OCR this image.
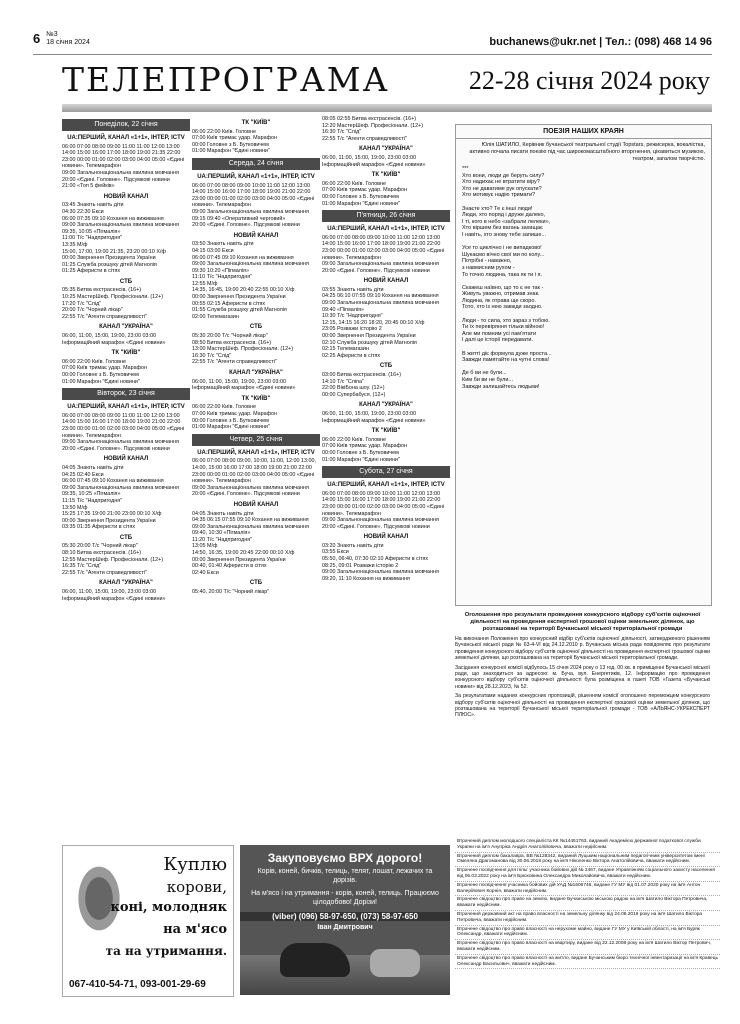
6 №3
18 січня 2024	buchanews@ukr.net | Тел.: (098) 468 14 96
ТЕЛЕПРОГРАМА	22-28 січня 2024 року
Понеділок, 22 січня
UA:ПЕРШИЙ, КАНАЛ «1+1», ІНТЕР, ICTV
06:00 07:00 08:00 09:00 11:00 11:00 12:00 13:00 14:00 15:00 16:00 17:00 18:00 19:00 21:35 22:00 23:00 00:00 01:00 02:00 03:00 04:00 05:00 «Єдині новини». Телемарафон
09:00 Загальнонаціональна хвилина мовчання
20:00 «Єдині. Головне». Підсумкові новини
21:00 «Топ 5 фейків»
НОВИЙ КАНАЛ
03:45 Знають навіть діти
04:30 22:30 Екси
06:00 07:35 09:10 Кохання на виживання
09:00 Загальнонаціональна хвилина мовчання
09:35, 10:05 «Пігмалія»
11:00 Т/с "Надпригодня"
13:35 М/ф
15:00, 17:00, 19:00 21:35, 23:20 00:10 Х/ф
00:00 Звернення Президента України
01:25 Служба розшуку дітей Магнолія
01:25 Аферисти в сітях
СТБ
05:35 Битва екстрасенсів. (16+)
10:25 МастерШеф. Професіонали. (12+)
17:20 Т/с "Слід"
20:00 Т/с "Чорний лікар"
22:55 Т/с "Агенти справедливості"
КАНАЛ "УКРАЇНА"
06:00, 11:00, 15:00, 19:00, 23:00 03:00 Інформаційний марафон «Єдині новини»
ТК "КИЇВ"
06:00 22:00 Київ. Головне
07:00 Київ тримає удар. Марафон
00:00 Головне з Б. Бутковичем
01:00 Марафон "Єдині новини"
Вівторок, 23 січня
UA:ПЕРШИЙ, КАНАЛ «1+1», ІНТЕР, ICTV
06:00 07:00 08:00 09:00 11:00 11:00 12:00 13:00 14:00 15:00 16:00 17:00 18:00 19:00 21:00 22:00 23:00 00:00 01:00 02:00 03:00 04:00 05:00 «Єдині новини». Телемарафон
09:00 Загальнонаціональна хвилина мовчання
20:00 «Єдині. Головне». Підсумкові новини
НОВИЙ КАНАЛ
04:05 Знають навіть діти
04:25 02:40 Екси
06:00 07:45 09:10 Кохання на виживання
09:00 Загальнонаціональна хвилина мовчання
09:35, 10:25 «Пігмалія»
11:15 Т/с "Надпригодня"
13:50 М/ф
15:25 17:35 19:00 21:00 23:00 00:10 Х/ф
00:00 Звернення Президента України
03:35 01:35 Аферисти в сітях
СТБ
05:30 20:00 Т/с "Чорний лікар"
08:10 Битва екстрасенсів. (16+)
12:55 МастерШеф. Професіонали. (12+)
16:35 Т/с "Слід"
22:55 Т/с "Агенти справедливості"
КАНАЛ "УКРАЇНА"
06:00, 11:00, 15:00, 19:00, 23:00 03:00 Інформаційний марафон «Єдині новини»
ТК "КИЇВ"
06:00 22:00 Київ. Головне
07:00 Київ тримає удар. Марафон
00:00 Головне з Б. Бутковичем
01:00 Марафон "Єдині новини"
Середа, 24 січня
UA:ПЕРШИЙ, КАНАЛ «1+1», ІНТЕР, ICTV
06:00 07:00 08:00 09:00 10:00 11:00 12:00 13:00 14:00 15:00 16:00 17:00 18:00 19:00 21:00 22:00 23:00 00:00 01:00 02:00 03:00 04:00 05:00 «Єдині новини». Телемарафон
09:00 Загальнонаціональна хвилина мовчання
09:15 09:40 «Оперативний черговий»
20:00 «Єдині. Головне». Підсумкові новини
НОВИЙ КАНАЛ
03:50 Знають навіть діти
04:15 03:00 Екси
06:00 07:45 09:10 Кохання на виживання
09:00 Загальнонаціональна хвилина мовчання
09:30 10:20 «Пігмалія»
11:10 Т/с "Надпригодня"
12:55 М/ф
14:35, 16:45, 19:00 20:40 22:55 00:10 Х/ф
00:00 Звернення Президента України
00:55 02:15 Аферисти в сітях
01:55 Служба розшуку дітей Магнолія
02:00 Телемагазин
СТБ
05:30 20:00 Т/с "Чорний лікар"
08:50 Битва екстрасенсів. (16+)
13:00 МастерШеф. Професіонали. (12+)
16:30 Т/с "Слід"
22:55 Т/с "Агенти справедливості"
КАНАЛ "УКРАЇНА"
06:00, 11:00, 15:00, 19:00, 23:00 03:00 Інформаційний марафон «Єдині новини»
ТК "КИЇВ"
06:00 22:00 Київ. Головне
07:00 Київ тримає удар. Марафон
00:00 Головне з Б. Бутковичем
01:00 Марафон "Єдині новини"
Четвер, 25 січня
UA:ПЕРШИЙ, КАНАЛ «1+1», ІНТЕР, ICTV
06:00 07:00 08:00 09:00, 10:00, 11:00, 12:00 13:00, 14:00, 15:00 16:00 17:00 18:00 19:00 21:00 22:00 23:00 00:00 01:00 02:00 03:00 04:00 05:00 «Єдині новини». Телемарафон
09:00 Загальнонаціональна хвилина мовчання
20:00 «Єдині. Головне». Підсумкові новини
НОВИЙ КАНАЛ
04:05 Знають навіть діти
04:35 06:15 07:55 09:10 Кохання на виживання
09:00 Загальнонаціональна хвилина мовчання
09:40, 10:30 «Пігмалія»
11:20 Т/с "Надпригодня"
13:05 М/ф
14:50, 16:35, 19:00 20:45 22:00 00:10 Х/ф
00:00 Звернення Президента України
00:40, 01:40 Аферисти в сітях
02:40 Екси
СТБ
05:40, 20:00 Т/с "Чорний лікар"
08:05 02:55 Битва екстрасенсів. (16+)
12:20 МастерШеф. Професіонали. (12+)
16:30 Т/с "Слід"
22:55 Т/с "Агенти справедливості"
КАНАЛ "УКРАЇНА"
06:00, 11:00, 15:00, 19:00, 23:00 03:00 Інформаційний марафон «Єдині новини»
ТК "КИЇВ"
06:00 22:00 Київ. Головне
07:00 Київ тримає удар. Марафон
00:00 Головне з Б. Бутковичем
01:00 Марафон "Єдині новини"
П'ятниця, 26 січня
UA:ПЕРШИЙ, КАНАЛ «1+1», ІНТЕР, ICTV
06:00 07:00 08:00 09:00 10:00 11:00 12:00 13:00 14:00 15:00 16:00 17:00 18:00 19:00 21:00 22:00 23:00 00:00 01:00 02:00 03:00 04:00 05:00 «Єдині новини». Телемарафон
09:00 Загальнонаціональна хвилина мовчання
20:00 «Єдині. Головне». Підсумкові новини
НОВИЙ КАНАЛ
03:55 Знають навіть діти
04:25 06:10 07:55 09:10 Кохання на виживання
09:00 Загальнонаціональна хвилина мовчання
09:40 «Пігмалія»
10:30 Т/с "Надпригодня"
12:15, 14:15 16:20 18:20, 20:45 00:10 Х/ф
23:05 Розважи історію 2
00:00 Звернення Президента України
02:10 Служба розшуку дітей Магнолія
02:15 Телемагазин
02:25 Аферисти в сітях
СТБ
03:00 Битва екстрасенсів. (16+)
14:10 Т/с "Сліпа"
22:00 ВікіБона шоу. (12+)
00:00 Супербабуся. (12+)
КАНАЛ "УКРАЇНА"
06:00, 11:00, 15:00, 19:00, 23:00 03:00 Інформаційний марафон «Єдині новини»
ТК "КИЇВ"
06:00 22:00 Київ. Головне
07:00 Київ тримає удар. Марафон
00:00 Головне з Б. Бутковичем
01:00 Марафон "Єдині новини"
Субота, 27 січня
UA:ПЕРШИЙ, КАНАЛ «1+1», ІНТЕР, ICTV
06:00 07:00 08:00 09:00 10:00 11:00 12:00 13:00 14:00 15:00 16:00 17:00 18:00 19:00 21:00 22:00 23:00 00:00 01:00 02:00 03:00 04:00 05:00 «Єдині новини». Телемарафон
09:00 Загальнонаціональна хвилина мовчання
20:00 «Єдині. Головне». Підсумкові новини
НОВИЙ КАНАЛ
03:20 Знають навіть діти
03:55 Екси
05:50, 06:40, 07:30 02:10 Аферисти в сітях
08:25, 09:01 Розважи історію 2
09:00 Загальнонаціональна хвилина мовчання
09:20, 11:10 Кохання на виживання
ПОЕЗІЯ НАШИХ КРАЯН
Юлія ШАТИЛО, Керівник бучанської театральної студії Topstars, режисерка, вокалістка, активно почала писати поезію під час широкомасштабного вторгнення, цікавиться музикою, театром, загалом творчістю.
***
Хто вони, люди де беруть силу?
Хто надихає не втратити віру?
Хто не даватиме рук опускати?
Хто мотивує надію тримати?

Знаєте хто? Те є інші люди!
Люди, хто поряд і друже далеко,
І ті, кого в небо «забрали лелеки»,
Хто віршем без вагань захищає
І навіть, хто знову тебе запише...

Усе то циклічно і не випадково!
Шукаємо вічно свої ми по колу...
Потрібні - наважно,
з навмисним рухом -
То точно людина, така як ти і я.

Скажеш наївно, що то є не так -
Живуть уважно, отримав знак.
Людина, як отрава ще скоро.
Тото, хто із нею завжди заодно.

Люди - то сила, хто зараз з тобою.
Ти їх перевіряння тільки війною!
Але ми помним усі пам'ятати
І далі це історії передавати.

В житті діє формула дуже проста...
Завжди памятайте на чутні слова!

Де б ви не були...
Ким би ви не були...
Завжди залишайтесь людьми!
Оголошення про результати проведення конкурсного відбору суб'єктів оціночної діяльності на проведення експертної грошової оцінки земельних ділянок, що розташовані на території Бучанської міської територіальної громади
На виконання Положення про конкурсний відбір суб'єктів оціночної діяльності, затвердженого рішенням Бучанської міської ради № 63-4-VІ від 24.12.2010 р. Бучанська міська рада повідомляє про результати проведення конкурсного відбору суб'єктів оціночної діяльності на проведення експертної грошової оцінки земельної ділянки, що розташована на території Бучанської міської територіальної громади.
Засідання конкурсної комісії відбулось 15 січня 2024 року о 13 год. 00 хв. в приміщенні Бучанської міської ради, що знаходиться за адресою: м. Буча, вул. Енергетиків, 12. Інформацію про проведення конкурсного відбору суб'єктів оціночної діяльності була розміщена в газеті ТОВ «Газета «Бучанські новини» від 28.12.2023, № 52.
За результатами наданих конкурсних пропозицій, рішенням комісії оголошено переможцем конкурсного відбору суб'єктів оціночної діяльності на проведення експертної грошової оцінки земельної ділянки, що розташована на території Бучанської міської територіальної громади - ТОВ «АЛЬЯНС-УКРЕКСПЕРТ ПЛЮС».
Куплю
корови,
коні, молодняк
на м'ясо
та на утримання.
067-410-54-71, 093-001-29-69
Закуповуємо ВРХ дорого!
Корів, коней, бичків, телиць, телят, лошат, лежачих та дорізів.
На м'ясо і на утримання - корів, коней, телиць. Працюємо цілодобово! Дорізи!
(viber) (096) 58-97-650, (073) 58-97-650
Іван Дмитрович
Втрачений диплом молодшого спеціаліста КК №14451763, виданий Академією державної податкової служби України на ім'я Анупріка Андрія Анатолійовича, вважати недійсним.
Втрачений диплом бакалавра, ВВ №128342, виданий Луцьким національним педагогічним університетом імені Омеляна Драгоманова від 30.06.2018 року на ім'я Ніколенко Віктора Анатолійовича, вважати недійсним.
Втрачене посвідчення для пільг учасника бойових дій № 2467, видане Управлінням соціального захисту населення від 06.03.2022 року на ім'я Брюховина Олександра Миколайовича, вважати недійсним.
Втрачене посвідчення учасника бойових дій УАД №1606746, видане ГУ МУ від 01.07.2020 року на ім'я Антон Валерійович Корнія, вважати недійсним.
Втрачене свідоцтво про право на землю, видане Бучанською міською радою на ім'я Шатило Віктора Петровича, вважати недійсним.
Втрачений державний акт на право власності на земельну ділянку від 24.08.2016 року на ім'я Шатило Віктора Петровича, вважати недійсним.
Втрачене свідоцтво про право власності на нерухоме майно, видане ГУ МУ у Київській області, на ім'я Буряк Олександр, вважати недійсним.
Втрачене свідоцтво про право власності на квартиру, видане від 22.12.2008 року на ім'я Шатило Віктор Петрович, вважати недійсним.
Втрачене свідоцтво про право власності на житло, видане Бучанським бюро технічної інвентаризації на ім'я Кравець Олександр Васильович, вважати недійсним.
